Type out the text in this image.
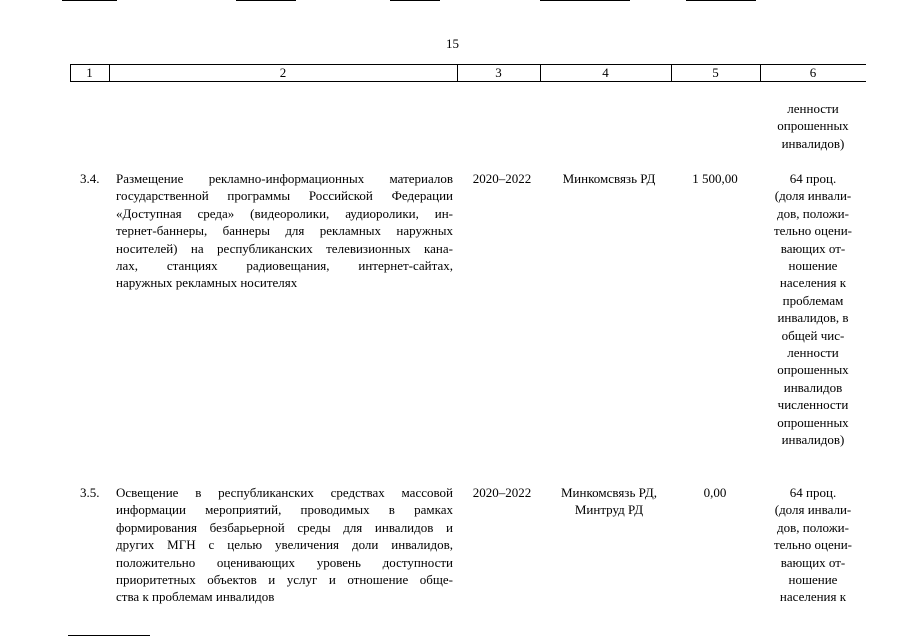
15
1	2	3	4	5	6
ленности
опрошенных
инвалидов)
3.4. Размещение рекламно-информационных материалов
государственной программы Российской Федерации
«Доступная среда» (видеоролики, аудиоролики, ин-
тернет-баннеры, баннеры для рекламных наружных
носителей) на республиканских телевизионных кана-
лах, станциях радиовещания, интернет-сайтах,
наружных рекламных носителях
2020–2022	Минкомсвязь РД	1 500,00	64 проц.
(доля инвали-
дов, положи-
тельно оцени-
вающих от-
ношение
населения к
проблемам
инвалидов, в
общей чис-
ленности
опрошенных
инвалидов
численности
опрошенных
инвалидов)
3.5. Освещение в республиканских средствах массовой
информации мероприятий, проводимых в рамках
формирования безбарьерной среды для инвалидов и
других МГН с целью увеличения доли инвалидов,
положительно оценивающих уровень доступности
приоритетных объектов и услуг и отношение обще-
ства к проблемам инвалидов
2020–2022	Минкомсвязь РД,
Минтруд РД
0,00	64 проц.
(доля инвали-
дов, положи-
тельно оцени-
вающих от-
ношение
населения к
